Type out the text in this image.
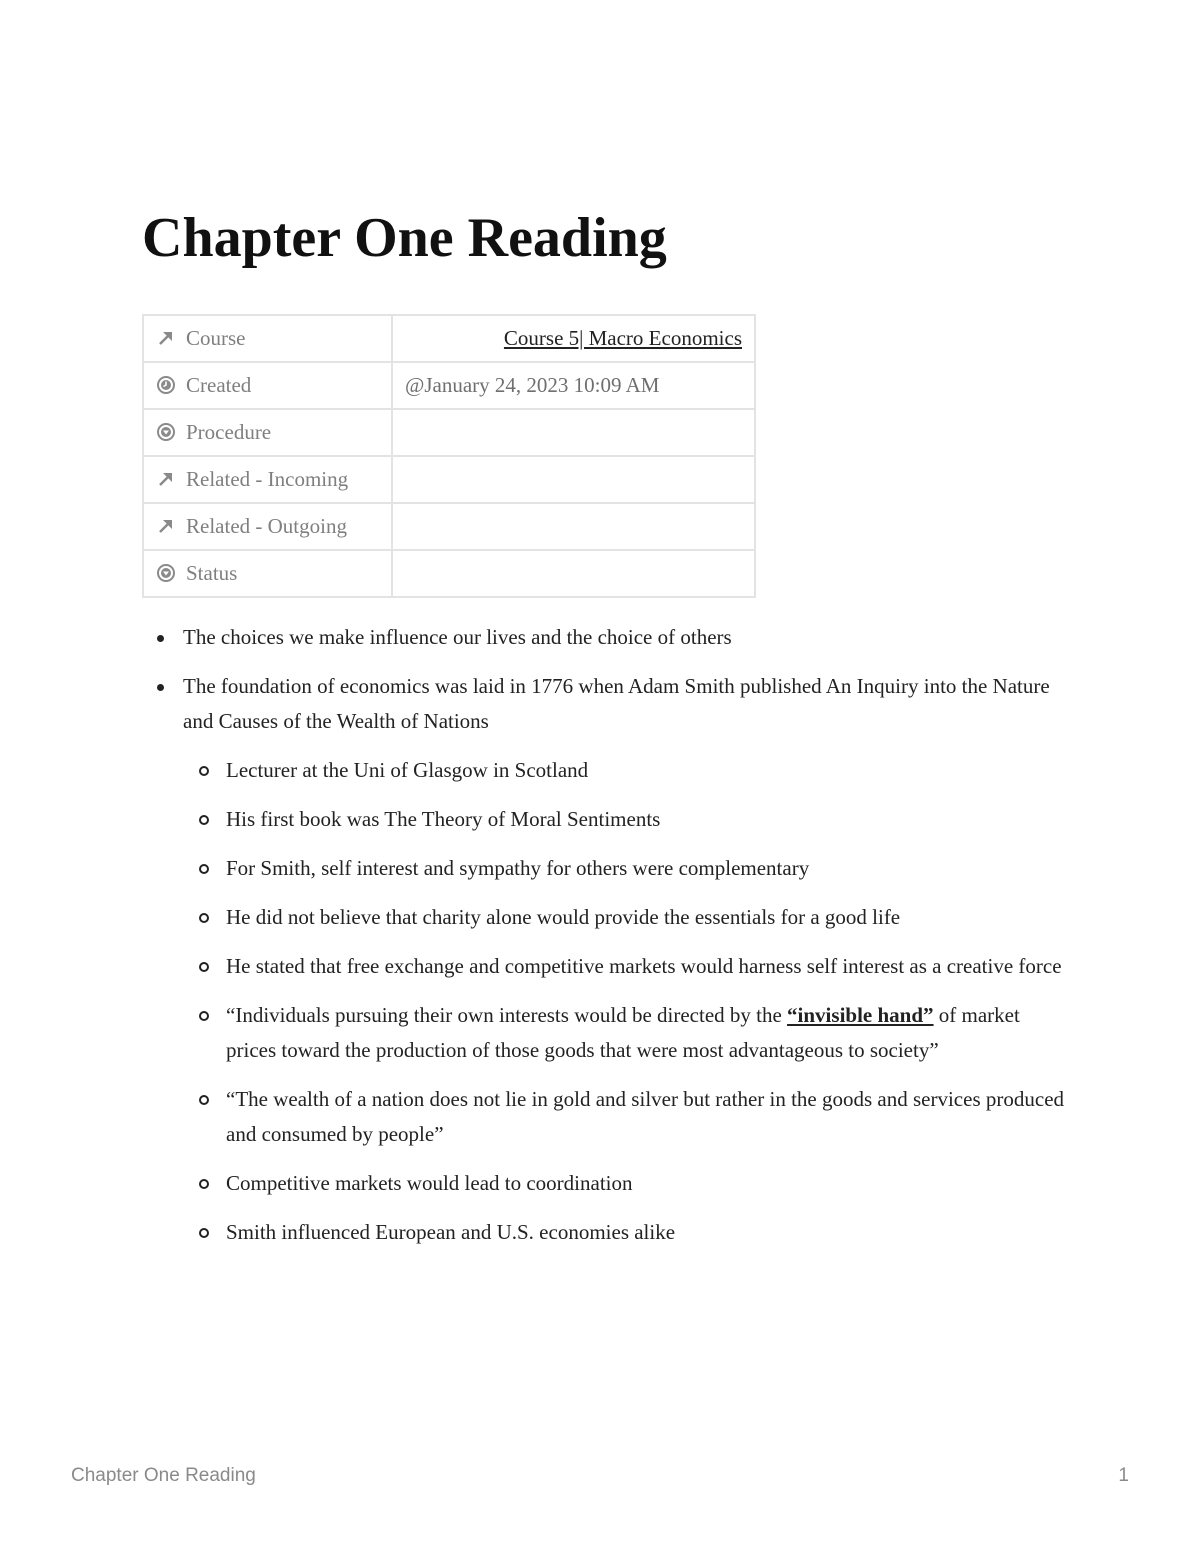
Chapter One Reading
Course	Course 5| Macro Economics
Created	@January 24, 2023 10:09 AM
Procedure	
Related - Incoming	
Related - Outgoing	
Status	
The choices we make influence our lives and the choice of others
The foundation of economics was laid in 1776 when Adam Smith published An Inquiry into the Nature and Causes of the Wealth of Nations
Lecturer at the Uni of Glasgow in Scotland
His first book was The Theory of Moral Sentiments
For Smith, self interest and sympathy for others were complementary
He did not believe that charity alone would provide the essentials for a good life
He stated that free exchange and competitive markets would harness self interest as a creative force
“Individuals pursuing their own interests would be directed by the “invisible hand” of market prices toward the production of those goods that were most advantageous to society”
“The wealth of a nation does not lie in gold and silver but rather in the goods and services produced and consumed by people”
Competitive markets would lead to coordination
Smith influenced European and U.S. economies alike
Chapter One Reading	1
